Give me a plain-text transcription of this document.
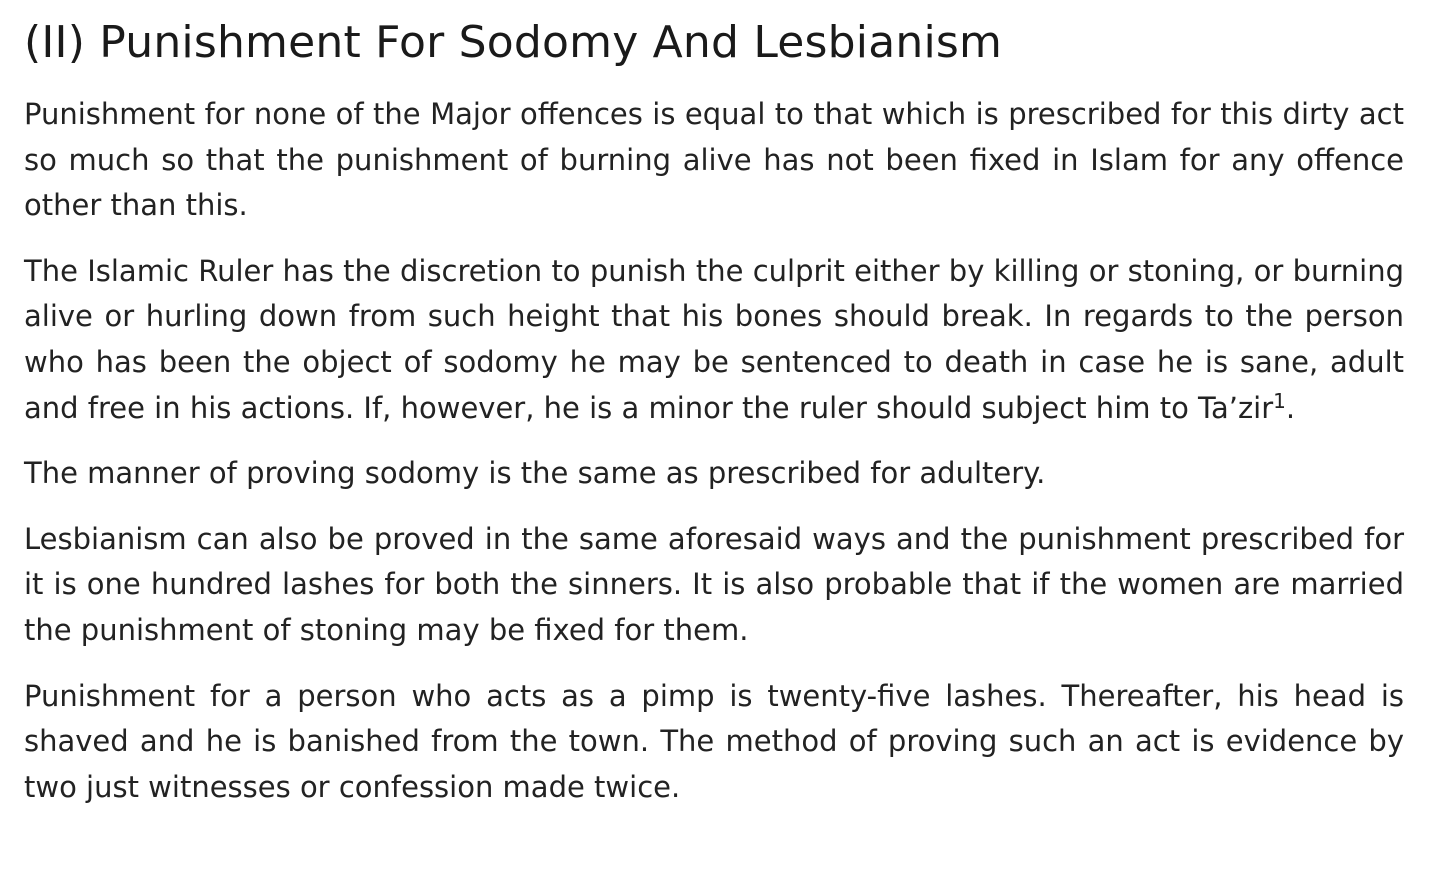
(II) Punishment For Sodomy And Lesbianism

Punishment for none of the Major offences is equal to that which is prescribed for this dirty act so much so that the punishment of burning alive has not been fixed in Islam for any offence other than this.

The Islamic Ruler has the discretion to punish the culprit either by killing or stoning, or burning alive or hurling down from such height that his bones should break. In regards to the person who has been the object of sodomy he may be sentenced to death in case he is sane, adult and free in his actions. If, however, he is a minor the ruler should subject him to Ta’zir$^1$.

The manner of proving sodomy is the same as prescribed for adultery.

Lesbianism can also be proved in the same aforesaid ways and the punishment prescribed for it is one hundred lashes for both the sinners. It is also probable that if the women are married the punishment of stoning may be fixed for them.

Punishment for a person who acts as a pimp is twenty-five lashes. Thereafter, his head is shaved and he is banished from the town. The method of proving such an act is evidence by two just witnesses or confession made twice.
